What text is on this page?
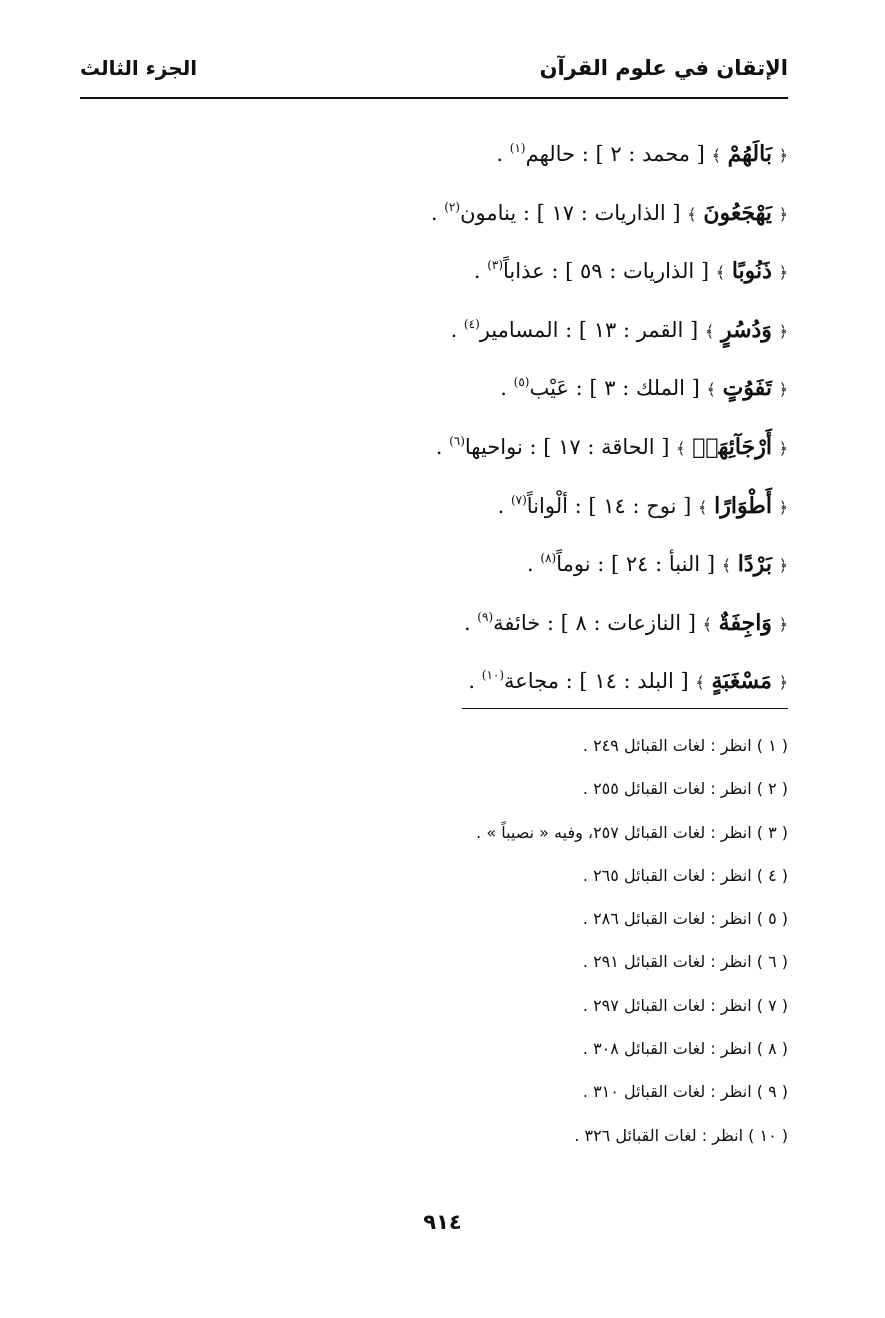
الإتقان في علوم القرآن
الجزء الثالث
﴿ بَالَهُمْ ﴾ [ محمد : ٢ ] : حالهم$^{(١)}$ .
﴿ يَهْجَعُونَ ﴾ [ الذاريات : ١٧ ] : ينامون$^{(٢)}$ .
﴿ ذَنُوبًا ﴾ [ الذاريات : ٥٩ ] : عذاباً$^{(٣)}$ .
﴿ وَدُسُرٍ ﴾ [ القمر : ١٣ ] : المسامير$^{(٤)}$ .
﴿ تَفَوُتٍ ﴾ [ الملك : ٣ ] : عَيْب$^{(٥)}$ .
﴿ أَرْجَآئِهَاۚ ﴾ [ الحاقة : ١٧ ] : نواحيها$^{(٦)}$ .
﴿ أَطْوَارًا ﴾ [ نوح : ١٤ ] : ألْواناً$^{(٧)}$ .
﴿ بَرْدًا ﴾ [ النبأ : ٢٤ ] : نوماً$^{(٨)}$ .
﴿ وَاجِفَةٌ ﴾ [ النازعات : ٨ ] : خائفة$^{(٩)}$ .
﴿ مَسْغَبَةٍ ﴾ [ البلد : ١٤ ] : مجاعة$^{(١٠)}$ .
( ١ ) انظر : لغات القبائل ٢٤٩ .
( ٢ ) انظر : لغات القبائل ٢٥٥ .
( ٣ ) انظر : لغات القبائل ٢٥٧، وفيه « نصيباً » .
( ٤ ) انظر : لغات القبائل ٢٦٥ .
( ٥ ) انظر : لغات القبائل ٢٨٦ .
( ٦ ) انظر : لغات القبائل ٢٩١ .
( ٧ ) انظر : لغات القبائل ٢٩٧ .
( ٨ ) انظر : لغات القبائل ٣٠٨ .
( ٩ ) انظر : لغات القبائل ٣١٠ .
( ١٠ ) انظر : لغات القبائل ٣٢٦ .
٩١٤
